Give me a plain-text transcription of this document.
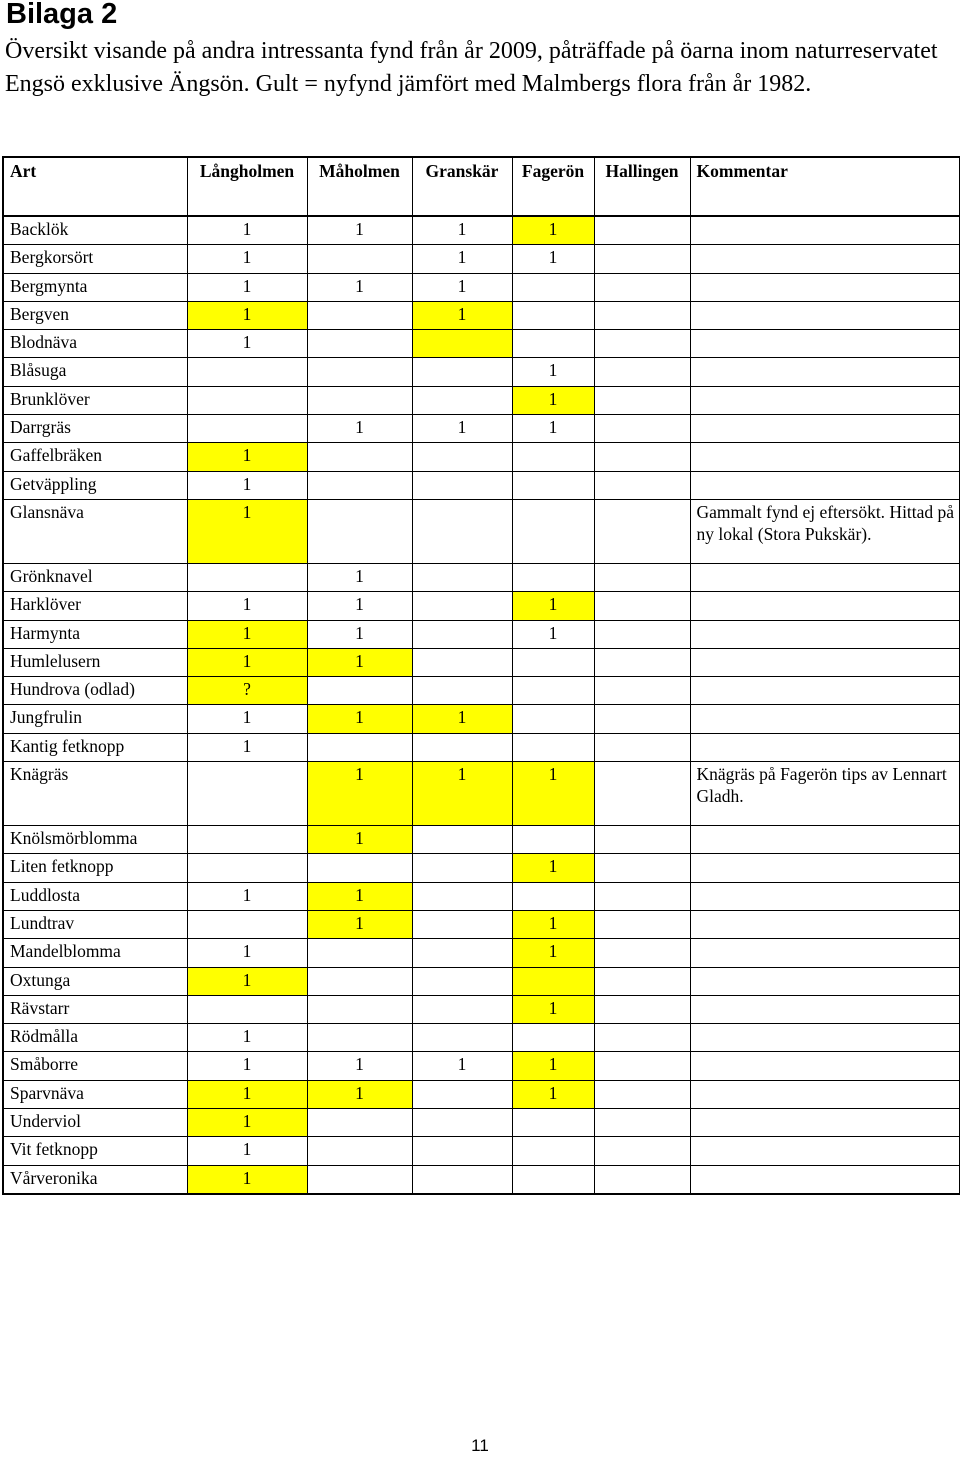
Bilaga 2

Översikt visande på andra intressanta fynd från år 2009, påträffade på öarna inom naturreservatet Engsö exklusive Ängsön. Gult = nyfynd jämfört med Malmbergs flora från år 1982.

Art	Långholmen	Måholmen	Granskär	Fagerön	Hallingen	Kommentar
Backlök	1	1	1	1		
Bergkorsört	1		1	1		
Bergmynta	1	1	1			
Bergven	1		1			
Blodnäva	1					
Blåsuga				1		
Brunklöver				1		
Darrgräs		1	1	1		
Gaffelbräken	1					
Getväppling	1					
Glansnäva	1					Gammalt fynd ej eftersökt. Hittad på ny lokal (Stora Pukskär).
Grönknavel		1				
Harklöver	1	1		1		
Harmynta	1	1		1		
Humlelusern	1	1				
Hundrova (odlad)	?					
Jungfrulin	1	1	1			
Kantig fetknopp	1					
Knägräs		1	1	1		Knägräs på Fagerön tips av Lennart Gladh.
Knölsmörblomma		1				
Liten fetknopp				1		
Luddlosta	1	1				
Lundtrav		1		1		
Mandelblomma	1			1		
Oxtunga	1					
Rävstarr				1		
Rödmålla	1					
Småborre	1	1	1	1		
Sparvnäva	1	1		1		
Underviol	1					
Vit fetknopp	1					
Vårveronika	1					
11
